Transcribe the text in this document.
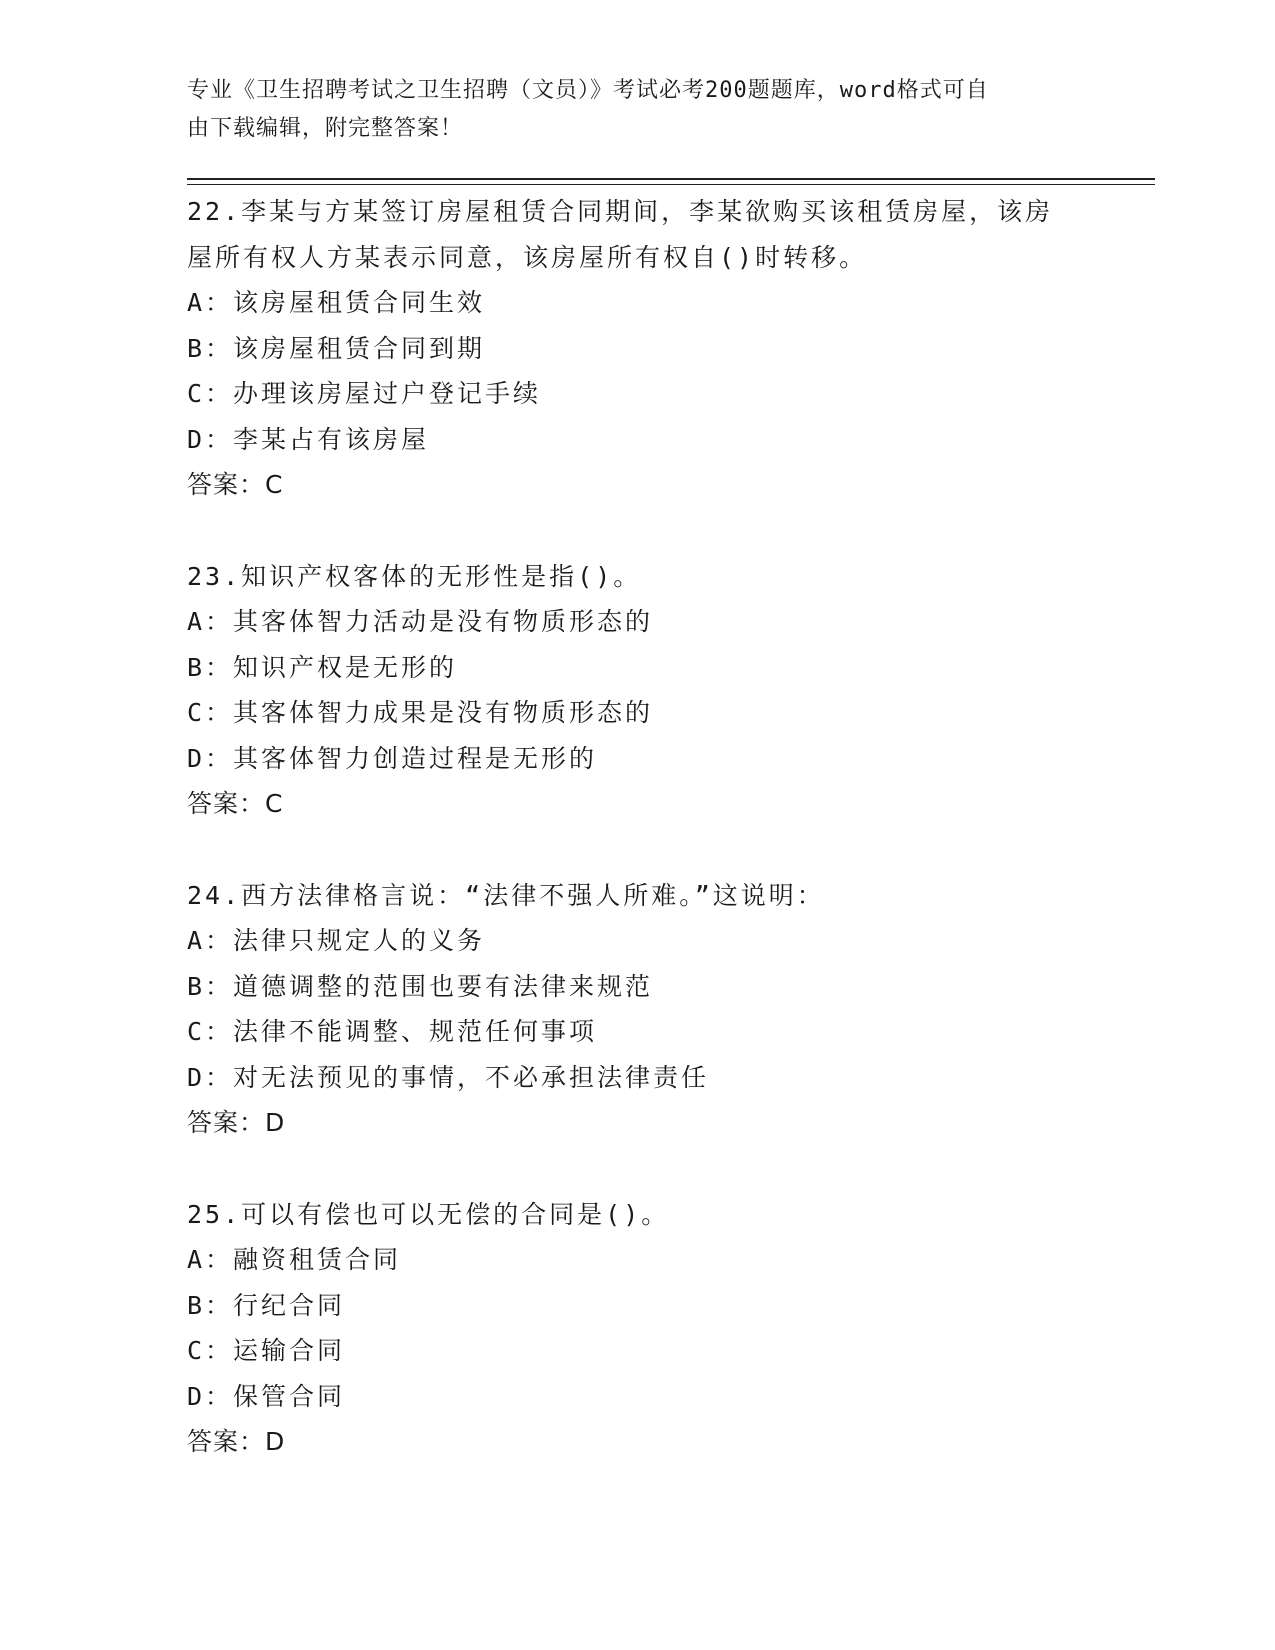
专业《卫生招聘考试之卫生招聘（文员）》考试必考200题题库，word格式可自
由下载编辑，附完整答案！
22.李某与方某签订房屋租赁合同期间，李某欲购买该租赁房屋，该房
屋所有权人方某表示同意，该房屋所有权自()时转移。
A：该房屋租赁合同生效
B：该房屋租赁合同到期
C：办理该房屋过户登记手续
D：李某占有该房屋
答案：C
23.知识产权客体的无形性是指()。
A：其客体智力活动是没有物质形态的
B：知识产权是无形的
C：其客体智力成果是没有物质形态的
D：其客体智力创造过程是无形的
答案：C
24.西方法律格言说：“法律不强人所难。”这说明：
A：法律只规定人的义务
B：道德调整的范围也要有法律来规范
C：法律不能调整、规范任何事项
D：对无法预见的事情，不必承担法律责任
答案：D
25.可以有偿也可以无偿的合同是()。
A：融资租赁合同
B：行纪合同
C：运输合同
D：保管合同
答案：D
